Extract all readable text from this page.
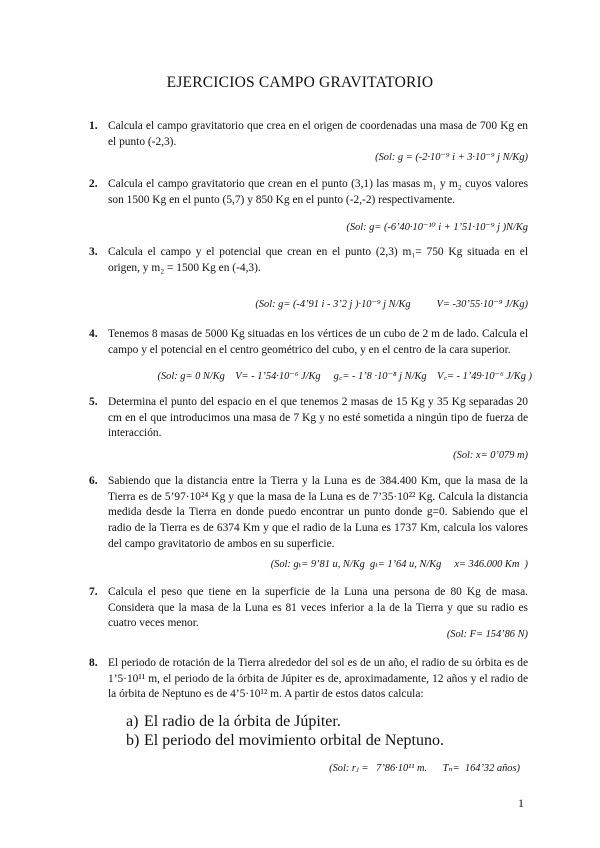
EJERCICIOS CAMPO GRAVITATORIO
1. Calcula el campo gravitatorio que crea en el origen de coordenadas una masa de 700 Kg en el punto (-2,3).
(Sol: g = (-2·10⁻⁹ i + 3·10⁻⁹ j N/Kg)
2. Calcula el campo gravitatorio que crean en el punto (3,1) las masas m₁ y m₂ cuyos valores son 1500 Kg en el punto (5,7) y 850 Kg en el punto (-2,-2) respectivamente.
(Sol: g= (-6’40·10⁻¹⁰ i + 1’51·10⁻⁹ j )N/Kg
3. Calcula el campo y el potencial que crean en el punto (2,3) m₁= 750 Kg situada en el origen, y m₂ = 1500 Kg en (-4,3).
(Sol: g= (-4’91 i - 3’2 j )·10⁻⁹ j N/Kg          V= -30’55·10⁻⁹ J/Kg)
4. Tenemos 8 masas de 5000 Kg situadas en los vértices de un cubo de 2 m de lado. Calcula el campo y el potencial en el centro geométrico del cubo, y en el centro de la cara superior.
(Sol: g= 0 N/Kg    V= - 1’54·10⁻⁶ J/Kg     g꜀= - 1’8 ·10⁻⁸ j N/Kg    V꜀= - 1’49·10⁻⁶ J/Kg )
5. Determina el punto del espacio en el que tenemos 2 masas de 15 Kg y 35 Kg separadas 20 cm en el que introducimos una masa de 7 Kg y no esté sometida a ningún tipo de fuerza de interacción.
(Sol: x= 0’079 m)
6. Sabiendo que la distancia entre la Tierra y la Luna es de 384.400 Km, que la masa de la Tierra es de 5’97·10²⁴ Kg y que la masa de la Luna es de 7’35·10²² Kg. Calcula la distancia medida desde la Tierra en donde puedo encontrar un punto donde g=0. Sabiendo que el radio de la Tierra es de 6374 Km y que el radio de la Luna es 1737 Km, calcula los valores del campo gravitatorio de ambos en su superficie.
(Sol: gₜ= 9’81 u, N/Kg  gₗ= 1’64 u, N/Kg     x= 346.000 Km  )
7. Calcula el peso que tiene en la superficie de la Luna una persona de 80 Kg de masa. Considera que la masa de la Luna es 81 veces inferior a la de la Tierra y que su radio es cuatro veces menor.
(Sol: F= 154’86 N)
8. El periodo de rotación de la Tierra alrededor del sol es de un año, el radio de su órbita es de 1’5·10¹¹ m, el periodo de la órbita de Júpiter es de, aproximadamente, 12 años y el radio de la órbita de Neptuno es de 4’5·10¹² m. A partir de estos datos calcula:
a) El radio de la órbita de Júpiter.
b) El periodo del movimiento orbital de Neptuno.
(Sol: rⱼ =   7’86·10¹¹ m.      Tₙ=  164’32 años)
1
